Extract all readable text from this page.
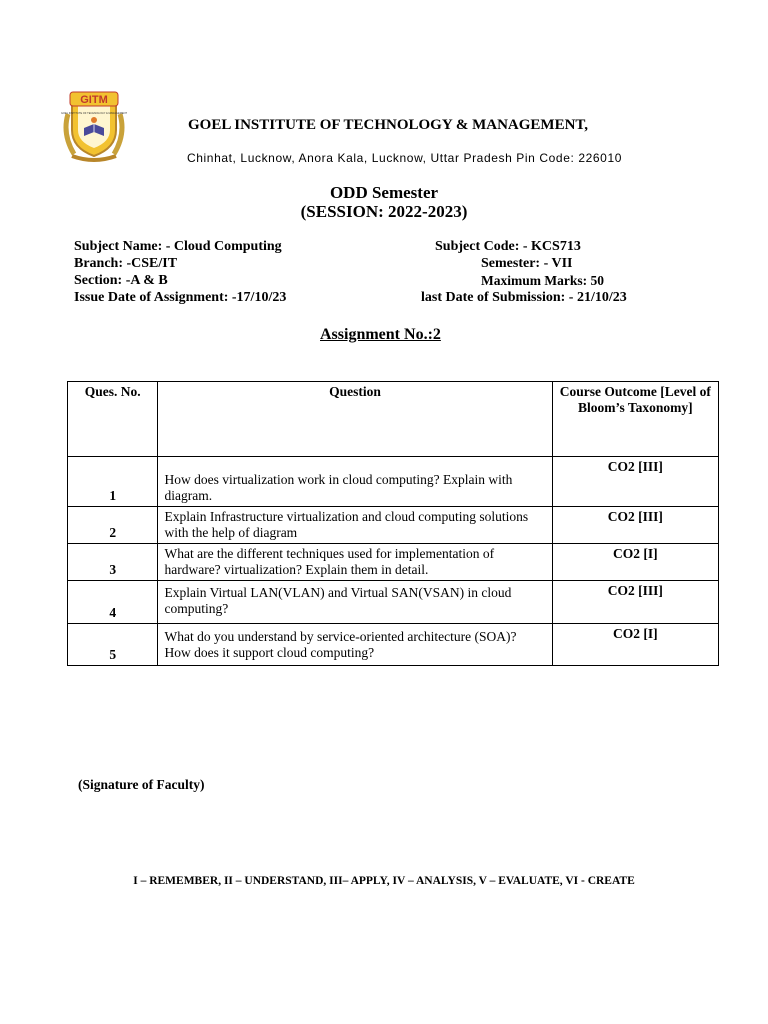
GITM
GOEL INSTITUTE OF TECHNOLOGY & MANAGEMENT
GOEL INSTITUTE OF TECHNOLOGY & MANAGEMENT,
Chinhat, Lucknow, Anora Kala, Lucknow, Uttar Pradesh Pin Code: 226010
ODD Semester
(SESSION: 2022-2023)
Subject Name: - Cloud Computing	Subject Code: - KCS713
Branch: -CSE/IT	Semester: - VII
Section: -A & B	Maximum Marks: 50
Issue Date of Assignment: -17/10/23	last Date of Submission: - 21/10/23
Assignment No.:2
Ques. No.	Question	Course Outcome [Level of Bloom’s Taxonomy]
1	How does virtualization work in cloud computing? Explain with diagram.	CO2 [III]
2	Explain Infrastructure virtualization and cloud computing solutions with the help of diagram	CO2 [III]
3	What are the different techniques used for implementation of hardware? virtualization? Explain them in detail.	CO2 [I]
4	Explain Virtual LAN(VLAN) and Virtual SAN(VSAN) in cloud computing?	CO2 [III]
5	What do you understand by service-oriented architecture (SOA)? How does it support cloud computing?	CO2 [I]
(Signature of Faculty)
I – REMEMBER, II – UNDERSTAND, III– APPLY, IV – ANALYSIS, V – EVALUATE, VI - CREATE
